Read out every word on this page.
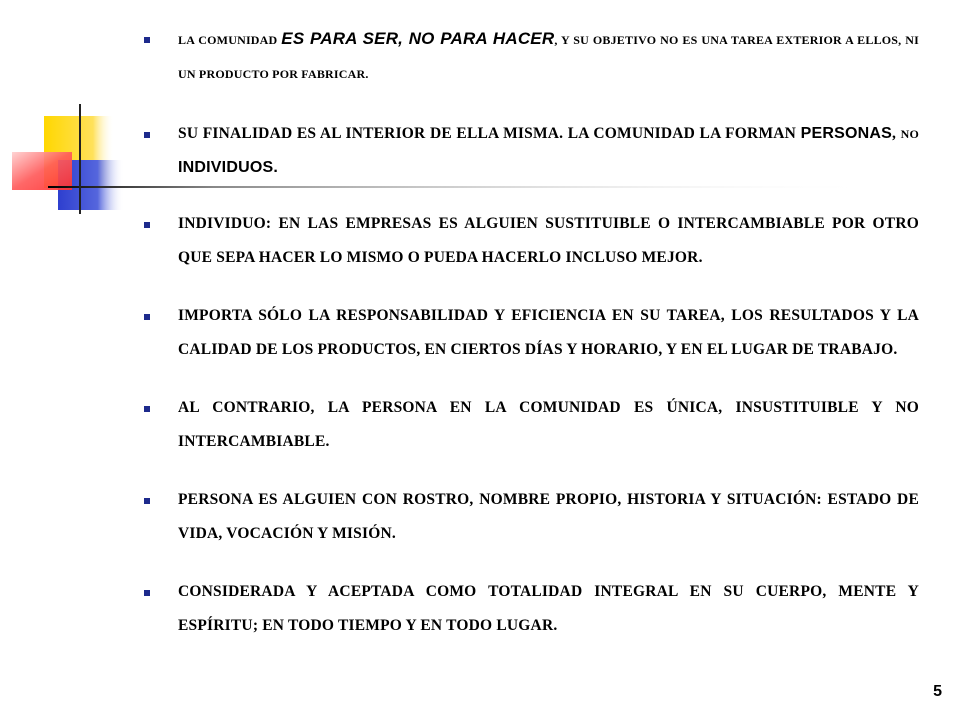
LA COMUNIDAD ES PARA SER, NO PARA HACER, Y SU OBJETIVO NO ES UNA TAREA EXTERIOR A ELLOS, NI UN PRODUCTO POR FABRICAR.
SU FINALIDAD ES AL INTERIOR DE ELLA MISMA. LA COMUNIDAD LA FORMAN PERSONAS, NO INDIVIDUOS.
INDIVIDUO: EN LAS EMPRESAS ES ALGUIEN SUSTITUIBLE O INTERCAMBIABLE POR OTRO QUE SEPA HACER LO MISMO O PUEDA HACERLO INCLUSO MEJOR.
IMPORTA SÓLO LA RESPONSABILIDAD Y EFICIENCIA EN SU TAREA, LOS RESULTADOS Y LA CALIDAD DE LOS PRODUCTOS, EN CIERTOS DÍAS Y HORARIO, Y EN EL LUGAR DE TRABAJO.
AL CONTRARIO, LA PERSONA EN LA COMUNIDAD ES ÚNICA, INSUSTITUIBLE Y NO INTERCAMBIABLE.
PERSONA ES ALGUIEN CON ROSTRO, NOMBRE PROPIO, HISTORIA Y SITUACIÓN: ESTADO DE VIDA, VOCACIÓN Y MISIÓN.
CONSIDERADA Y ACEPTADA COMO TOTALIDAD INTEGRAL EN SU CUERPO, MENTE Y ESPÍRITU; EN TODO TIEMPO Y EN TODO LUGAR.
5
